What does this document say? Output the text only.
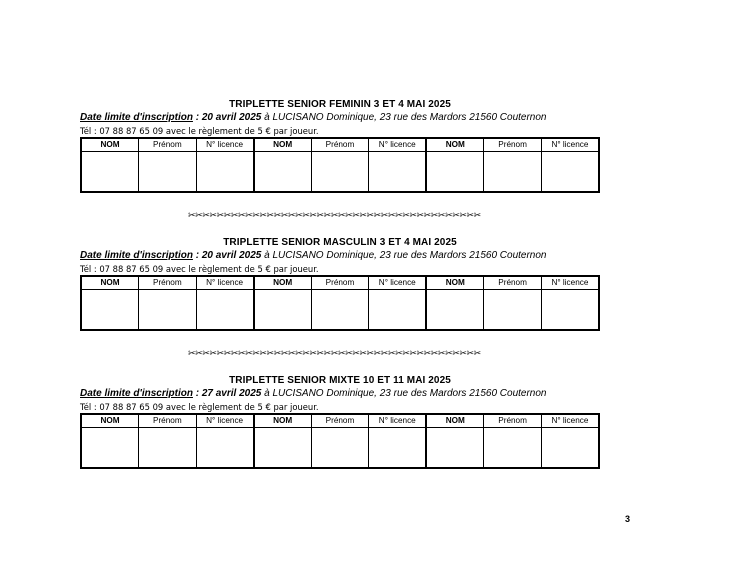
TRIPLETTE SENIOR FEMININ 3 ET 4 MAI 2025
Date limite d'inscription : 20 avril 2025 à LUCISANO Dominique, 23 rue des Mardors 21560 Couternon
Tél : 07 88 87 65 09 avec le règlement de 5 € par joueur.
NOM	Prénom	N° licence	NOM	Prénom	N° licence	NOM	Prénom	N° licence

✂✂✂✂✂✂✂✂✂✂✂✂✂✂✂✂✂✂✂✂✂✂✂✂✂✂✂✂✂✂✂✂✂✂✂✂✂✂✂✂✂
TRIPLETTE SENIOR MASCULIN 3 ET 4 MAI 2025
Date limite d'inscription : 20 avril 2025 à LUCISANO Dominique, 23 rue des Mardors 21560 Couternon
Tél : 07 88 87 65 09 avec le règlement de 5 € par joueur.
NOM	Prénom	N° licence	NOM	Prénom	N° licence	NOM	Prénom	N° licence

✂✂✂✂✂✂✂✂✂✂✂✂✂✂✂✂✂✂✂✂✂✂✂✂✂✂✂✂✂✂✂✂✂✂✂✂✂✂✂✂✂
TRIPLETTE SENIOR MIXTE 10 ET 11 MAI 2025
Date limite d'inscription : 27 avril 2025 à LUCISANO Dominique, 23 rue des Mardors 21560 Couternon
Tél : 07 88 87 65 09 avec le règlement de 5 € par joueur.
NOM	Prénom	N° licence	NOM	Prénom	N° licence	NOM	Prénom	N° licence

3
